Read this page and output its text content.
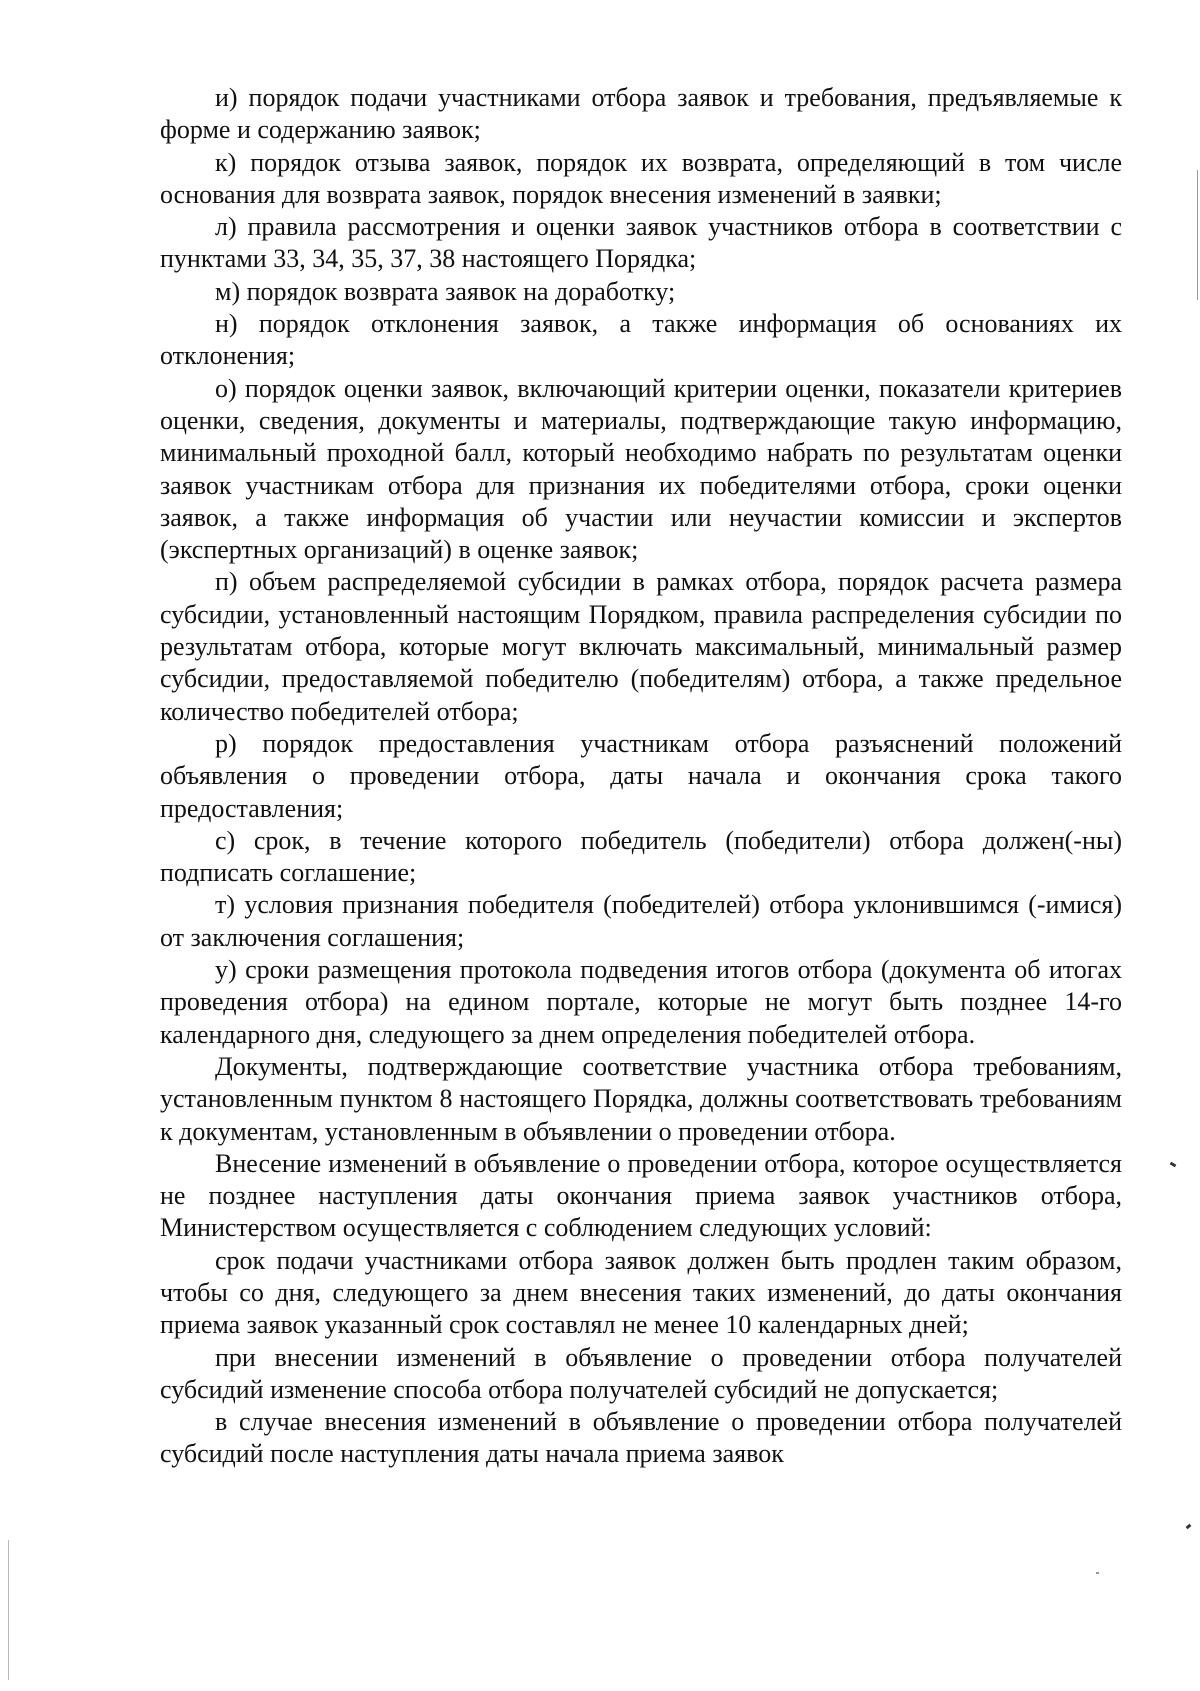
и) порядок подачи участниками отбора заявок и требования, предъявляемые к форме и содержанию заявок;

к) порядок отзыва заявок, порядок их возврата, определяющий в том числе основания для возврата заявок, порядок внесения изменений в заявки;

л) правила рассмотрения и оценки заявок участников отбора в соответствии с пунктами 33, 34, 35, 37, 38 настоящего Порядка;

м) порядок возврата заявок на доработку;

н) порядок отклонения заявок, а также информация об основаниях их отклонения;

о) порядок оценки заявок, включающий критерии оценки, показатели критериев оценки, сведения, документы и материалы, подтверждающие такую информацию, минимальный проходной балл, который необходимо набрать по результатам оценки заявок участникам отбора для признания их победителями отбора, сроки оценки заявок, а также информация об участии или неучастии комиссии и экспертов (экспертных организаций) в оценке заявок;

п) объем распределяемой субсидии в рамках отбора, порядок расчета размера субсидии, установленный настоящим Порядком, правила распределения субсидии по результатам отбора, которые могут включать максимальный, минимальный размер субсидии, предоставляемой победителю (победителям) отбора, а также предельное количество победителей отбора;

р) порядок предоставления участникам отбора разъяснений положений объявления о проведении отбора, даты начала и окончания срока такого предоставления;

с) срок, в течение которого победитель (победители) отбора должен(-ны) подписать соглашение;

т) условия признания победителя (победителей) отбора уклонившимся (-имися) от заключения соглашения;

у) сроки размещения протокола подведения итогов отбора (документа об итогах проведения отбора) на едином портале, которые не могут быть позднее 14-го календарного дня, следующего за днем определения победителей отбора.

Документы, подтверждающие соответствие участника отбора требованиям, установленным пунктом 8 настоящего Порядка, должны соответствовать требованиям к документам, установленным в объявлении о проведении отбора.

Внесение изменений в объявление о проведении отбора, которое осуществляется не позднее наступления даты окончания приема заявок участников отбора, Министерством осуществляется с соблюдением следующих условий:

срок подачи участниками отбора заявок должен быть продлен таким образом, чтобы со дня, следующего за днем внесения таких изменений, до даты окончания приема заявок указанный срок составлял не менее 10 календарных дней;

при внесении изменений в объявление о проведении отбора получателей субсидий изменение способа отбора получателей субсидий не допускается;

в случае внесения изменений в объявление о проведении отбора получателей субсидий после наступления даты начала приема заявок
